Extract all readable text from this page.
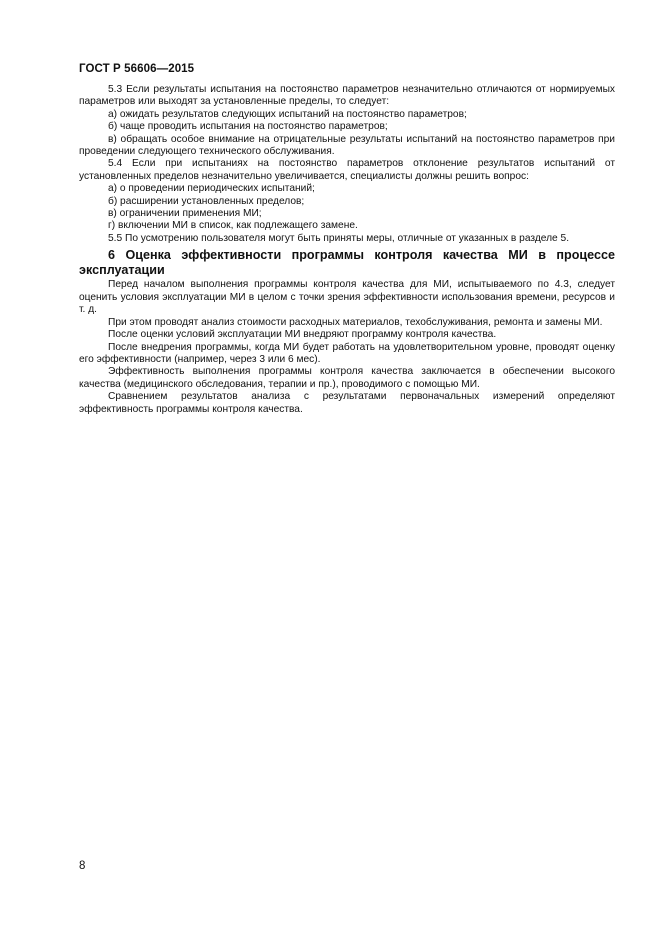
ГОСТ Р 56606—2015

5.3 Если результаты испытания на постоянство параметров незначительно отличаются от нормируемых параметров или выходят за установленные пределы, то следует:

а) ожидать результатов следующих испытаний на постоянство параметров;

б) чаще проводить испытания на постоянство параметров;

в) обращать особое внимание на отрицательные результаты испытаний на постоянство параметров при проведении следующего технического обслуживания.

5.4 Если при испытаниях на постоянство параметров отклонение результатов испытаний от установленных пределов незначительно увеличивается, специалисты должны решить вопрос:

а) о проведении периодических испытаний;

б) расширении установленных пределов;

в) ограничении применения МИ;

г) включении МИ в список, как подлежащего замене.

5.5 По усмотрению пользователя могут быть приняты меры, отличные от указанных в разделе 5.

6 Оценка эффективности программы контроля качества МИ в процессе эксплуатации

Перед началом выполнения программы контроля качества для МИ, испытываемого по 4.3, следует оценить условия эксплуатации МИ в целом с точки зрения эффективности использования времени, ресурсов и т. д.

При этом проводят анализ стоимости расходных материалов, техобслуживания, ремонта и замены МИ.

После оценки условий эксплуатации МИ внедряют программу контроля качества.

После внедрения программы, когда МИ будет работать на удовлетворительном уровне, проводят оценку его эффективности (например, через 3 или 6 мес).

Эффективность выполнения программы контроля качества заключается в обеспечении высокого качества (медицинского обследования, терапии и пр.), проводимого с помощью МИ.

Сравнением результатов анализа с результатами первоначальных измерений определяют эффективность программы контроля качества.

8
